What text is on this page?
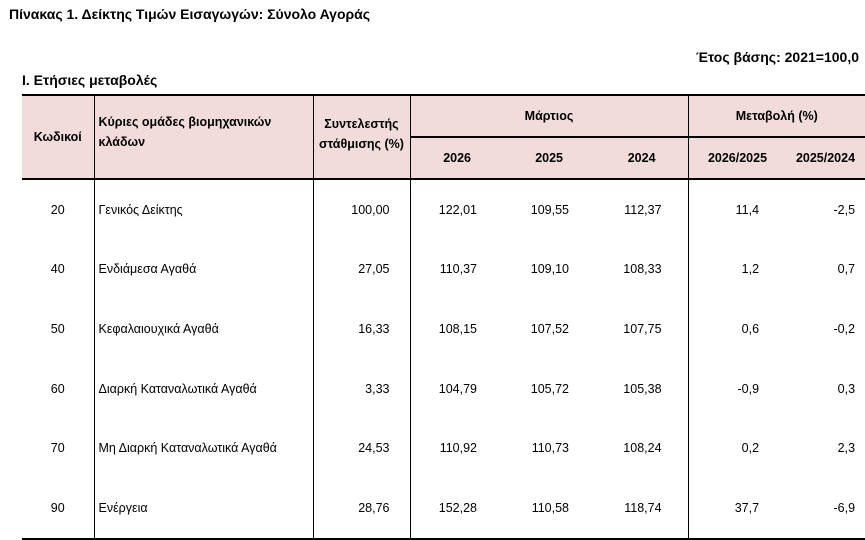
Πίνακας 1. Δείκτης Τιμών Εισαγωγών: Σύνολο Αγοράς
Έτος βάσης: 2021=100,0
I. Ετήσιες μεταβολές
Κωδικοί	Κύριες ομάδες βιομηχανικών κλάδων	Συντελεστής στάθμισης (%)	Μάρτιος			Μεταβολή (%)	
			2026	2025	2024	2026/2025	2025/2024
20	Γενικός Δείκτης	100,00	122,01	109,55	112,37	11,4	-2,5
40	Ενδιάμεσα Αγαθά	27,05	110,37	109,10	108,33	1,2	0,7
50	Κεφαλαιουχικά Αγαθά	16,33	108,15	107,52	107,75	0,6	-0,2
60	Διαρκή Καταναλωτικά Αγαθά	3,33	104,79	105,72	105,38	-0,9	0,3
70	Μη Διαρκή Καταναλωτικά Αγαθά	24,53	110,92	110,73	108,24	0,2	2,3
90	Ενέργεια	28,76	152,28	110,58	118,74	37,7	-6,9
